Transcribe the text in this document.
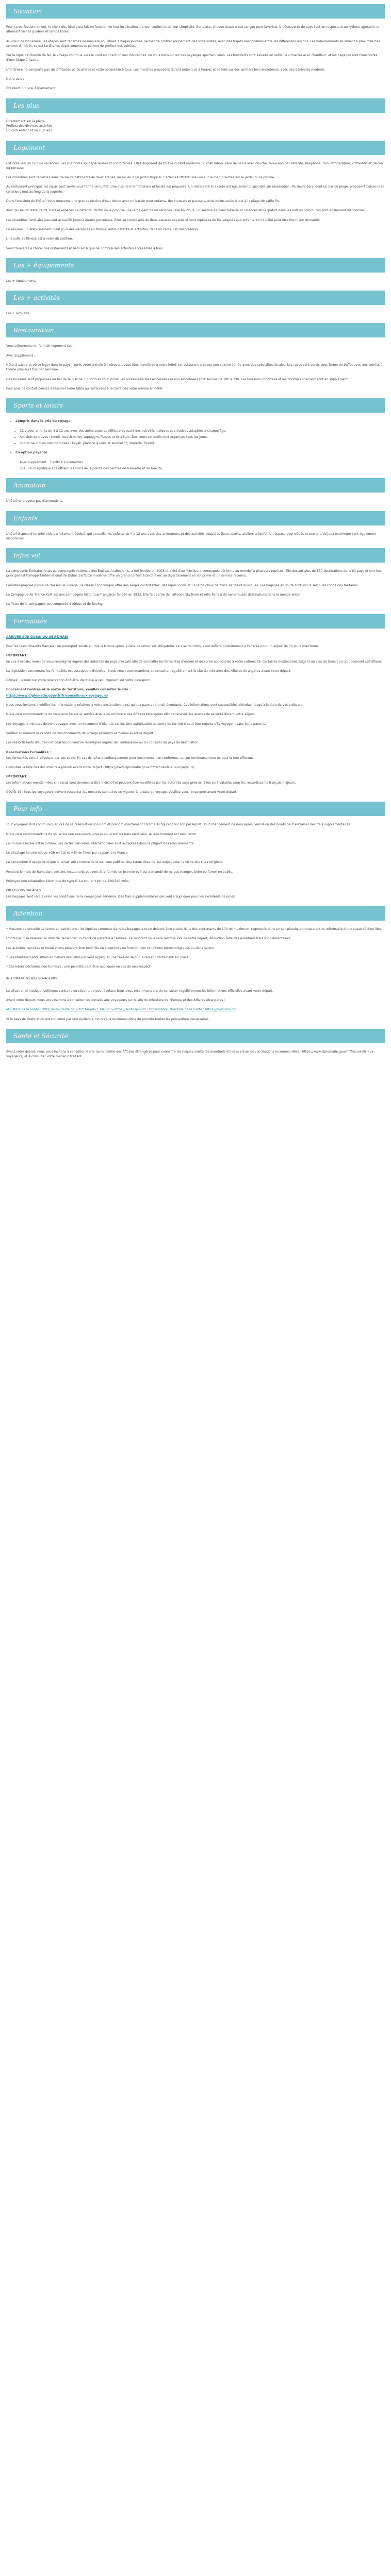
Situation

Pour ce perfectionnement, le choix des hôtels est fait en fonction de leur localisation, de leur confort et de leur simplicité. Sur place, chaque étape a été conçue pour favoriser la découverte du pays tout en respectant un rythme agréable, en alternant visites guidées et temps libres.

Au cœur de l'itinéraire, les étapes sont réparties de manière équilibrée. Chaque journée permet de profiter pleinement des sites visités, avec des trajets raisonnables entre les différentes régions. Les hébergements se situent à proximité des centres d'intérêt, ce qui facilite les déplacements et permet de profiter des soirées.

Sur la ligne de chemin de fer, le voyage continue vers le nord en direction des montagnes, où vous découvrirez des paysages spectaculaires. Les transferts sont assurés en véhicule climatisé avec chauffeur, et les bagages sont transportés d'une étape à l'autre.

L'itinéraire ne comporte pas de difficultés particulières et reste accessible à tous. Les marches proposées durent entre 1 et 3 heures et se font sur des sentiers bien entretenus, avec des dénivelés modérés.

Notre avis :

Excellent. Un vrai dépaysement !

Les plus

Directement sur la plage

Profitez des diverses activités

Un club enfant et un club ado

Logement

Cet hôtel est un club de vacances. Les chambres sont spacieuses et confortables. Elles disposent de tout le confort moderne : climatisation, salle de bains avec douche, télévision par satellite, téléphone, mini-réfrigérateur, coffre-fort et balcon ou terrasse.

Les chambres sont réparties dans plusieurs bâtiments de deux étages, au milieu d'un jardin tropical. Certaines offrent une vue sur la mer, d'autres sur le jardin ou la piscine.

Au restaurant principal, les repas sont servis sous forme de buffet. Une cuisine internationale et locale est proposée. Un restaurant à la carte est également disponible sur réservation. Plusieurs bars, dont un bar de plage, proposent boissons et collations tout au long de la journée.

Dans l'enceinte de l'hôtel, vous trouverez une grande piscine d'eau douce avec un bassin pour enfants, des transats et parasols, ainsi qu'un accès direct à la plage de sable fin.

Avec plusieurs restaurants, bars et espaces de détente, l'hôtel vous propose une large gamme de services. Une boutique, un service de blanchisserie et un accès Wi-Fi gratuit dans les parties communes sont également disponibles.

Les chambres familiales peuvent accueillir jusqu'à quatre personnes. Elles se composent de deux espaces séparés et sont équipées de lits adaptés aux enfants. Un lit bébé peut être fourni sur demande.

En résumé, un établissement idéal pour des vacances en famille, entre détente et activités, dans un cadre naturel préservé.

Une salle de fitness est à votre disposition.

Vous trouverez à l'hôtel des restaurants et bars ainsi que de nombreuses activités accessibles à tous.

Les + équipements

Les + équipements

Les + activités

Les + activités

Restauration

Vous séjournerez en formule logement seul.

Avec supplément :

Hôtel à savoir et où se loger dans le pays : après votre arrivée à l'aéroport, vous êtes transférés à votre hôtel. Le restaurant propose une cuisine variée avec des spécialités locales. Les repas sont servis sous forme de buffet avec des soirées à thème plusieurs fois par semaine.

Des boissons sont proposées au bar de la piscine. En formule tout inclus, les boissons locales alcoolisées et non alcoolisées sont servies de 10h à 23h. Les boissons importées et les cocktails spéciaux sont en supplément.

Pour plus de confort pensez à réserver votre table au restaurant à la carte dès votre arrivée à l'hôtel.

Sports et loisirs
• Compris dans le prix du voyage
• Club pour enfants de 4 à 12 ans avec des animateurs qualifiés, proposant des activités ludiques et créatives adaptées à chaque âge.
• Activités sportives : tennis, beach-volley, aquagym, fitness et tir à l'arc. Des cours collectifs sont organisés tous les jours.
• Sports nautiques non motorisés : kayak, planche à voile et snorkeling (matériel fourni).
• En option payante
Avec supplément : 3 golfs à 2 kilomètres
Spa : un magnifique spa offrant les soins de la pointe des centres de bien-être et de beauté.
Animation

L'hôtel ne propose pas d'animations.

Enfants

L'hôtel dispose d'un mini-club parfaitement équipé, qui accueille les enfants de 4 à 12 ans avec des animateurs et des activités adaptées (jeux, sports, ateliers créatifs). Un espace pour bébés et une aire de jeux extérieure sont également disponibles.

Infos vol

La compagnie Emirates Airways, compagnie nationale des Émirats Arabes Unis, a été fondée en 2003 et a été élue "Meilleure compagnie aérienne au monde" à plusieurs reprises. Elle dessert plus de 150 destinations dans 80 pays et son hub principal est l'aéroport international de Dubaï. Sa flotte moderne offre un grand confort à bord, avec un divertissement en vol primé et un service reconnu.

Emirates propose plusieurs classes de voyage. La classe Économique offre des sièges confortables, des repas inclus et un large choix de films, séries et musiques. Les bagages en soute sont inclus selon les conditions tarifaires.

La Compagnie Air France KLM est une compagnie historique française, fondée en 1933. Elle fait partie de l'alliance SkyTeam et relie Paris à de nombreuses destinations dans le monde entier.

La flotte de la compagnie est composée d'Airbus et de Boeing.

Formalités

ARRIVÉE SUR DUBAÏ OU ABU DHABI

Pour les ressortissants français : un passeport valide au moins 6 mois après la date de retour est obligatoire. Le visa touristique est délivré gratuitement à l'arrivée pour un séjour de 30 jours maximum.

IMPORTANT

En cas d'escale, merci de vous renseigner auprès des autorités du pays d'escale afin de connaître les formalités d'entrée et de sortie applicables à votre nationalité. Certaines destinations exigent un visa de transit ou un document spécifique.

La législation concernant les formalités est susceptible d'évoluer. Nous vous recommandons de consulter régulièrement le site du ministère des Affaires étrangères avant votre départ.

Conseil : le nom sur votre réservation doit être identique à celui figurant sur votre passeport.

Concernant l'entrée et la sortie du territoire, veuillez consulter le site :

https://www.diplomatie.gouv.fr/fr/conseils-aux-voyageurs/

Nous vous invitons à vérifier les informations relatives à votre destination, ainsi qu'aux pays de transit éventuels. Ces informations sont susceptibles d'évoluer jusqu'à la date de votre départ.

Nous vous recommandons de vous inscrire sur le service Ariane du ministère des Affaires étrangères afin de recevoir les alertes de sécurité durant votre séjour.

Les voyageurs mineurs doivent voyager avec un document d'identité valide. Une autorisation de sortie du territoire peut être requise s'ils voyagent sans leurs parents.

Vérifiez également la validité de vos documents de voyage plusieurs semaines avant le départ.

Les ressortissants d'autres nationalités doivent se renseigner auprès de l'ambassade ou du consulat du pays de destination.

Réservations Formalités :

Les formalités sont à effectuer par vos soins. En cas de refus d'embarquement pour documents non conformes, aucun remboursement ne pourra être effectué.

Consultez la liste des documents à prévoir avant votre départ : https://www.diplomatie.gouv.fr/fr/conseils-aux-voyageurs/

IMPORTANT

Les informations mentionnées ci-dessus sont données à titre indicatif et peuvent être modifiées par les autorités sans préavis. Elles sont valables pour les ressortissants français majeurs.

COVID-19 : tous les voyageurs doivent respecter les mesures sanitaires en vigueur à la date du voyage. Veuillez vous renseigner avant votre départ.

Pour info

Tout voyageur doit communiquer lors de sa réservation son nom et prénom exactement comme ils figurent sur son passeport. Tout changement de nom après l'émission des billets peut entraîner des frais supplémentaires.

Nous vous recommandons de souscrire une assurance voyage couvrant les frais médicaux, le rapatriement et l'annulation.

La monnaie locale est le dirham. Les cartes bancaires internationales sont acceptées dans la plupart des établissements.

Le décalage horaire est de +2h en été et +3h en hiver par rapport à la France.

La convention d'usage veut que la tenue soit correcte dans les lieux publics. Une tenue décente est exigée pour la visite des sites religieux.

Pendant le mois de Ramadan, certains restaurants peuvent être fermés en journée et il est demandé de ne pas manger, boire ou fumer en public.

Prévoyez une adaptation électrique de type G. Le courant est de 220/240 volts.

PRÉCISIONS BAGAGES

Les bagages sont inclus selon les conditions de la compagnie aérienne. Des frais supplémentaires peuvent s'appliquer pour les excédents de poids.

Attention

* Mesures de sécurité aérienne et restrictions : les liquides contenus dans les bagages à main doivent être placés dans des contenants de 100 ml maximum, regroupés dans un sac plastique transparent et refermable d'une capacité d'un litre.

L'hôtel peut se réserver le droit de demander un dépôt de garantie à l'arrivée. Ce montant vous sera restitué lors de votre départ, déduction faite des éventuels frais supplémentaires.

Les activités, services et installations peuvent être modifiés ou supprimés en fonction des conditions météorologiques ou de la saison.

* Les établissements situés en dehors des villes peuvent appliquer une taxe de séjour, à régler directement sur place.

* Chambres déclarées non-fumeurs : une pénalité peut être appliquée en cas de non-respect.

INFORMATIONS AUX VOYAGEURS :

La situation climatique, politique, sanitaire ou sécuritaire peut évoluer. Nous vous recommandons de consulter régulièrement les informations officielles avant votre départ.

Avant votre départ, nous vous invitons à consulter les conseils aux voyageurs sur le site du ministère de l'Europe et des Affaires étrangères :

Ministère de la Santé : "http://www.sante.gouv.fr/" target="_blank" > https://sante.gouv.fr ; Organisation Mondiale de la Santé : https://www.who.int

Si le pays de destination est concerné par une épidémie, nous vous recommandons de prendre toutes les précautions nécessaires.

Santé et Sécurité

Avant votre départ, nous vous invitons à consulter le site du ministère des Affaires étrangères pour connaître les risques sanitaires éventuels et les éventuelles vaccinations recommandées : https://www.diplomatie.gouv.fr/fr/conseils-aux-voyageurs/ et à consulter votre médecin traitant.
